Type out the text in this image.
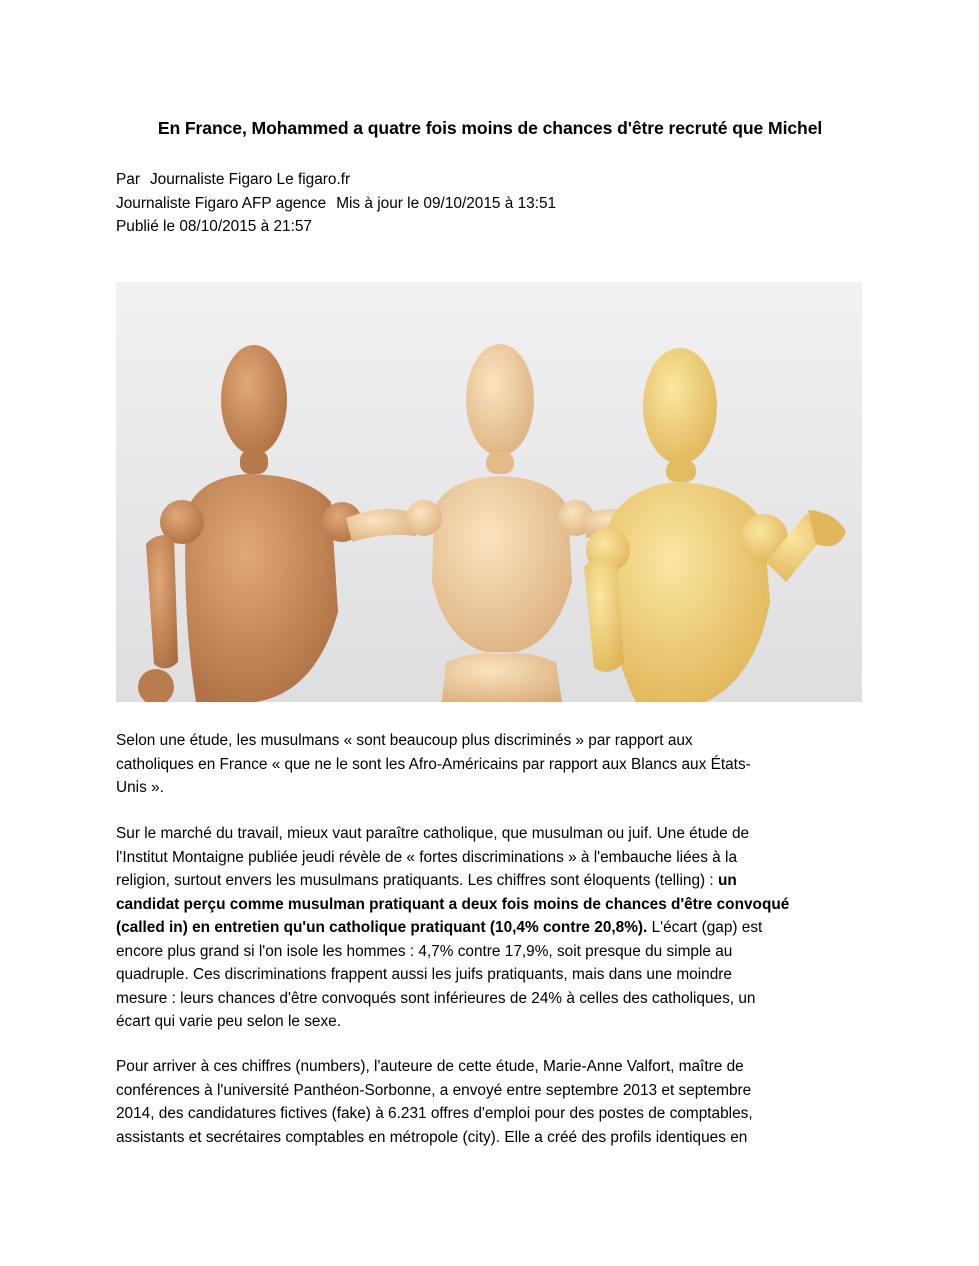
En France, Mohammed a quatre fois moins de chances d'être recruté que Michel
Par Journaliste Figaro Le figaro.fr
Journaliste Figaro AFP agence Mis à jour le 09/10/2015 à 13:51
Publié le 08/10/2015 à 21:57
Selon une étude, les musulmans « sont beaucoup plus discriminés » par rapport aux
catholiques en France « que ne le sont les Afro-Américains par rapport aux Blancs aux États-
Unis ».
Sur le marché du travail, mieux vaut paraître catholique, que musulman ou juif. Une étude de
l'Institut Montaigne publiée jeudi révèle de « fortes discriminations » à l'embauche liées à la
religion, surtout envers les musulmans pratiquants. Les chiffres sont éloquents (telling) : un
candidat perçu comme musulman pratiquant a deux fois moins de chances d'être convoqué
(called in) en entretien qu'un catholique pratiquant (10,4% contre 20,8%). L'écart (gap) est
encore plus grand si l'on isole les hommes : 4,7% contre 17,9%, soit presque du simple au
quadruple. Ces discriminations frappent aussi les juifs pratiquants, mais dans une moindre
mesure : leurs chances d'être convoqués sont inférieures de 24% à celles des catholiques, un
écart qui varie peu selon le sexe.
Pour arriver à ces chiffres (numbers), l'auteure de cette étude, Marie-Anne Valfort, maître de
conférences à l'université Panthéon-Sorbonne, a envoyé entre septembre 2013 et septembre
2014, des candidatures fictives (fake) à 6.231 offres d'emploi pour des postes de comptables,
assistants et secrétaires comptables en métropole (city). Elle a créé des profils identiques en
